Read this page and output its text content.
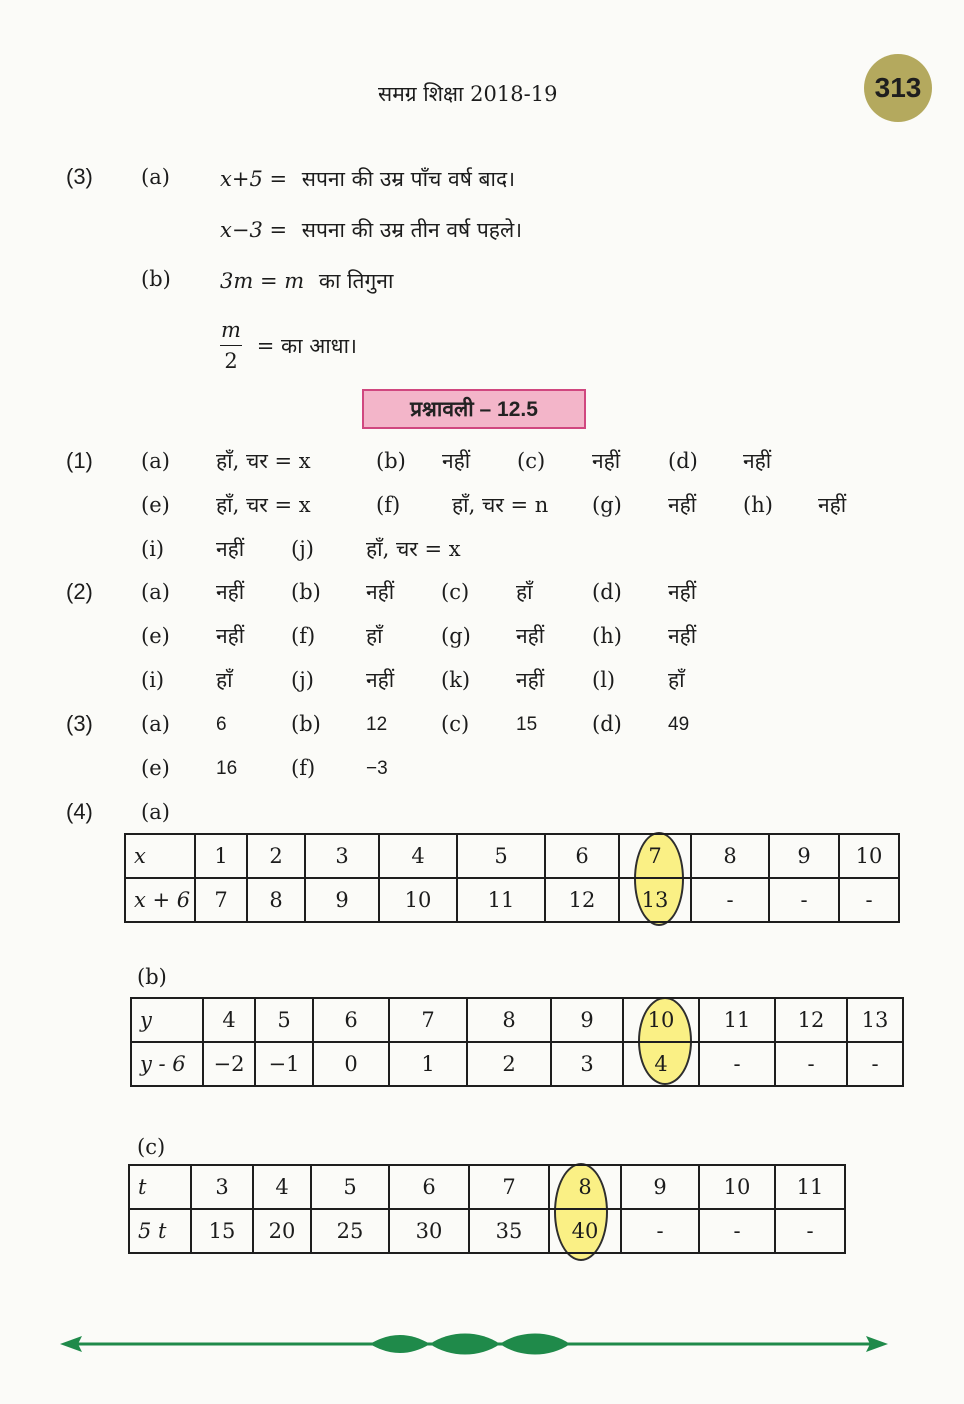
समग्र शिक्षा 2018-19	313
(3) (a) x+5 = सपना की उम्र पाँच वर्ष बाद।
x−3 = सपना की उम्र तीन वर्ष पहले।
(b) 3m = m का तिगुना
$\frac{m}{2}$ = का आधा।
प्रश्नावली – 12.5
(1) (a) हाँ, चर = x	(b) नहीं (c) नहीं (d) नहीं
(e) हाँ, चर = x	(f) हाँ, चर = n (g) नहीं (h) नहीं
(i) नहीं (j) हाँ, चर = x
(2) (a) नहीं (b) नहीं (c) हाँ	(d) नहीं
(e) नहीं (f) हाँ	(g) नहीं (h) नहीं
(i) हाँ	(j) नहीं (k) नहीं (l)	हाँ
(3) (a) 6	(b) 12	(c) 15	(d) 49
(e) 16	(f)	−3
(4) (a)
x	1	2	3	4	5	6	7	8	9	10
x + 6	7	8	9	10	11	12	13	-	-	-
(b)
y	4	5	6	7	8	9	10	11	12	13
y - 6	−2	−1	0	1	2	3	4	-	-	-
(c)
t	3	4	5	6	7	8	9	10	11
5 t	15	20	25	30	35	40	-	-	-
